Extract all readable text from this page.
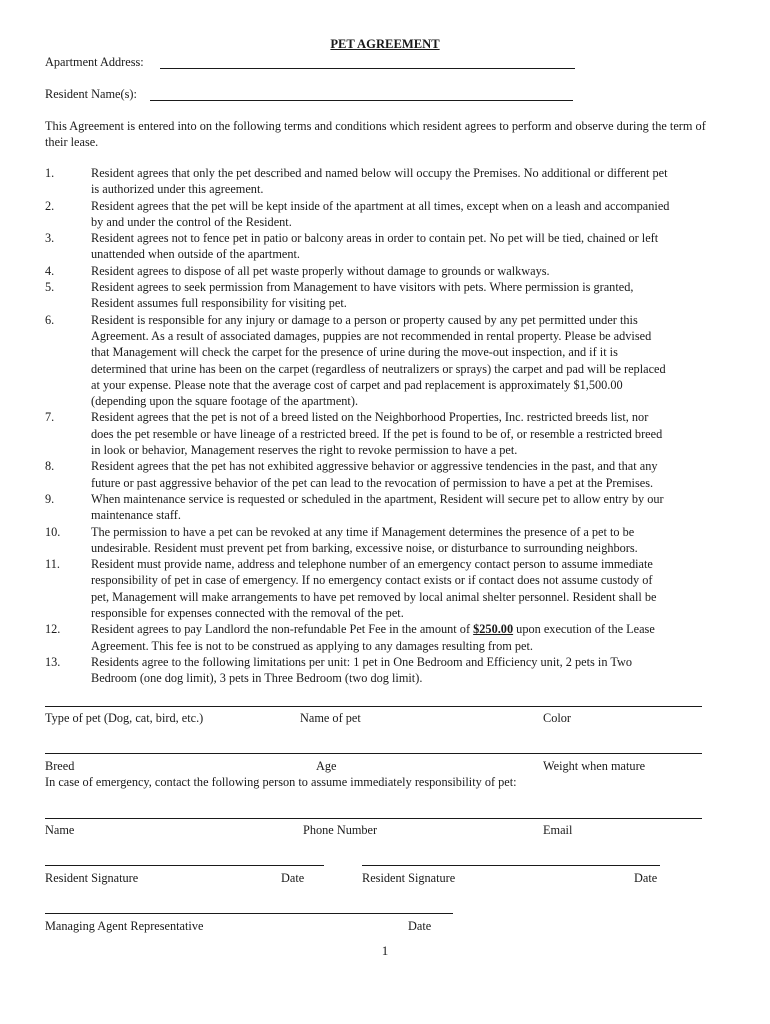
PET AGREEMENT
Apartment Address:
Resident Name(s):
This Agreement is entered into on the following terms and conditions which resident agrees to perform and observe during the term of their lease.
1.	Resident agrees that only the pet described and named below will occupy the Premises. No additional or different pet
is authorized under this agreement.
2.	Resident agrees that the pet will be kept inside of the apartment at all times, except when on a leash and accompanied
by and under the control of the Resident.
3.	Resident agrees not to fence pet in patio or balcony areas in order to contain pet. No pet will be tied, chained or left
unattended when outside of the apartment.
4.	Resident agrees to dispose of all pet waste properly without damage to grounds or walkways.
5.	Resident agrees to seek permission from Management to have visitors with pets. Where permission is granted,
Resident assumes full responsibility for visiting pet.
6.	Resident is responsible for any injury or damage to a person or property caused by any pet permitted under this
Agreement. As a result of associated damages, puppies are not recommended in rental property. Please be advised
that Management will check the carpet for the presence of urine during the move-out inspection, and if it is
determined that urine has been on the carpet (regardless of neutralizers or sprays) the carpet and pad will be replaced
at your expense. Please note that the average cost of carpet and pad replacement is approximately $1,500.00
(depending upon the square footage of the apartment).
7.	Resident agrees that the pet is not of a breed listed on the Neighborhood Properties, Inc. restricted breeds list, nor
does the pet resemble or have lineage of a restricted breed. If the pet is found to be of, or resemble a restricted breed
in look or behavior, Management reserves the right to revoke permission to have a pet.
8.	Resident agrees that the pet has not exhibited aggressive behavior or aggressive tendencies in the past, and that any
future or past aggressive behavior of the pet can lead to the revocation of permission to have a pet at the Premises.
9.	When maintenance service is requested or scheduled in the apartment, Resident will secure pet to allow entry by our
maintenance staff.
10.	The permission to have a pet can be revoked at any time if Management determines the presence of a pet to be
undesirable. Resident must prevent pet from barking, excessive noise, or disturbance to surrounding neighbors.
11.	Resident must provide name, address and telephone number of an emergency contact person to assume immediate
responsibility of pet in case of emergency. If no emergency contact exists or if contact does not assume custody of
pet, Management will make arrangements to have pet removed by local animal shelter personnel. Resident shall be
responsible for expenses connected with the removal of the pet.
12.	Resident agrees to pay Landlord the non-refundable Pet Fee in the amount of $250.00 upon execution of the Lease
Agreement. This fee is not to be construed as applying to any damages resulting from pet.
13.	Residents agree to the following limitations per unit: 1 pet in One Bedroom and Efficiency unit, 2 pets in Two
Bedroom (one dog limit), 3 pets in Three Bedroom (two dog limit).
Type of pet (Dog, cat, bird, etc.)	Name of pet	Color
Breed	Age	Weight when mature
In case of emergency, contact the following person to assume immediately responsibility of pet:
Name	Phone Number	Email
Resident Signature	Date	Resident Signature	Date
Managing Agent Representative	Date
1
